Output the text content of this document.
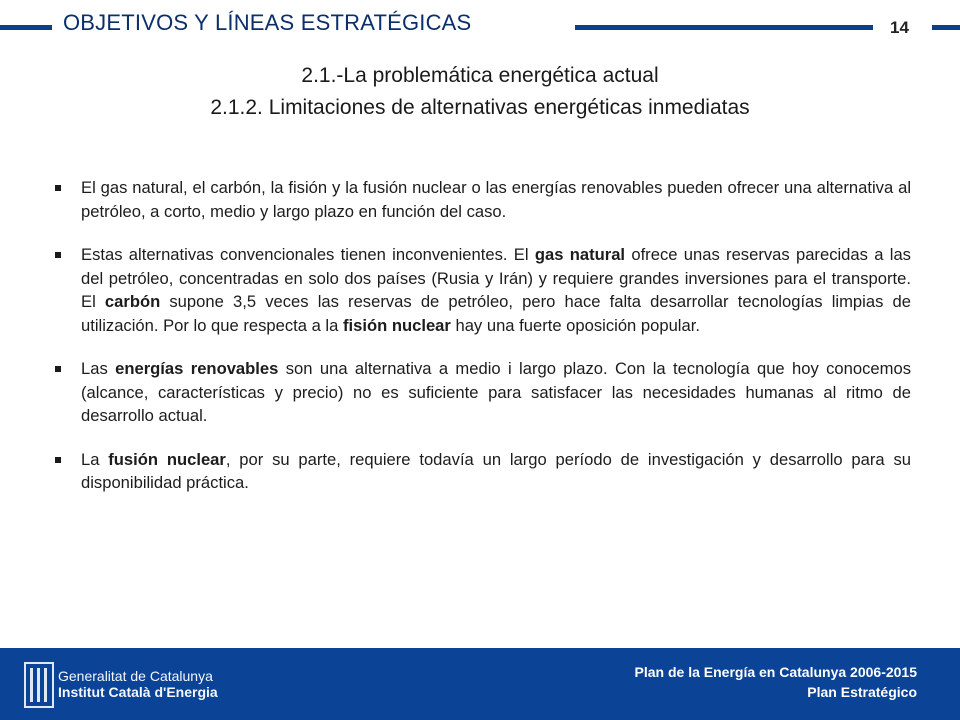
OBJETIVOS Y LÍNEAS ESTRATÉGICAS	14
2.1.-La problemática energética actual
2.1.2. Limitaciones de alternativas energéticas inmediatas
El gas natural, el carbón, la fisión y la fusión nuclear o las energías renovables pueden ofrecer una alternativa al petróleo, a corto, medio y largo plazo en función del caso.
Estas alternativas convencionales tienen inconvenientes. El gas natural ofrece unas reservas parecidas a las del petróleo, concentradas en solo dos países (Rusia y Irán) y requiere grandes inversiones para el transporte. El carbón supone 3,5 veces las reservas de petróleo, pero hace falta desarrollar tecnologías limpias de utilización. Por lo que respecta a la fisión nuclear hay una fuerte oposición popular.
Las energías renovables son una alternativa a medio i largo plazo. Con la tecnología que hoy conocemos (alcance, características y precio) no es suficiente para satisfacer las necesidades humanas al ritmo de desarrollo actual.
La fusión nuclear, por su parte, requiere todavía un largo período de investigación y desarrollo para su disponibilidad práctica.
Generalitat de Catalunya
Institut Català d'Energia
Plan de la Energía en Catalunya 2006-2015
Plan Estratégico
